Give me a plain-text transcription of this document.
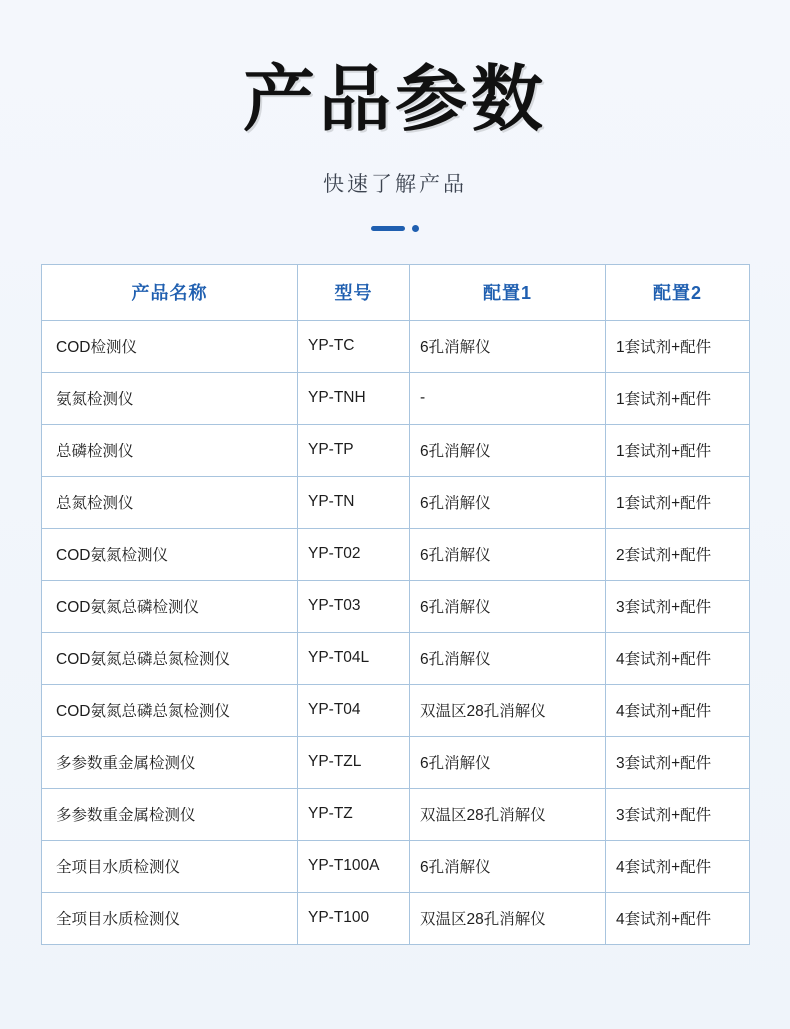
产品参数
快速了解产品
产品名称	型号	配置1	配置2
COD检测仪	YP-TC	6孔消解仪	1套试剂+配件
氨氮检测仪	YP-TNH	-	1套试剂+配件
总磷检测仪	YP-TP	6孔消解仪	1套试剂+配件
总氮检测仪	YP-TN	6孔消解仪	1套试剂+配件
COD氨氮检测仪	YP-T02	6孔消解仪	2套试剂+配件
COD氨氮总磷检测仪	YP-T03	6孔消解仪	3套试剂+配件
COD氨氮总磷总氮检测仪	YP-T04L	6孔消解仪	4套试剂+配件
COD氨氮总磷总氮检测仪	YP-T04	双温区28孔消解仪	4套试剂+配件
多参数重金属检测仪	YP-TZL	6孔消解仪	3套试剂+配件
多参数重金属检测仪	YP-TZ	双温区28孔消解仪	3套试剂+配件
全项目水质检测仪	YP-T100A	6孔消解仪	4套试剂+配件
全项目水质检测仪	YP-T100	双温区28孔消解仪	4套试剂+配件
